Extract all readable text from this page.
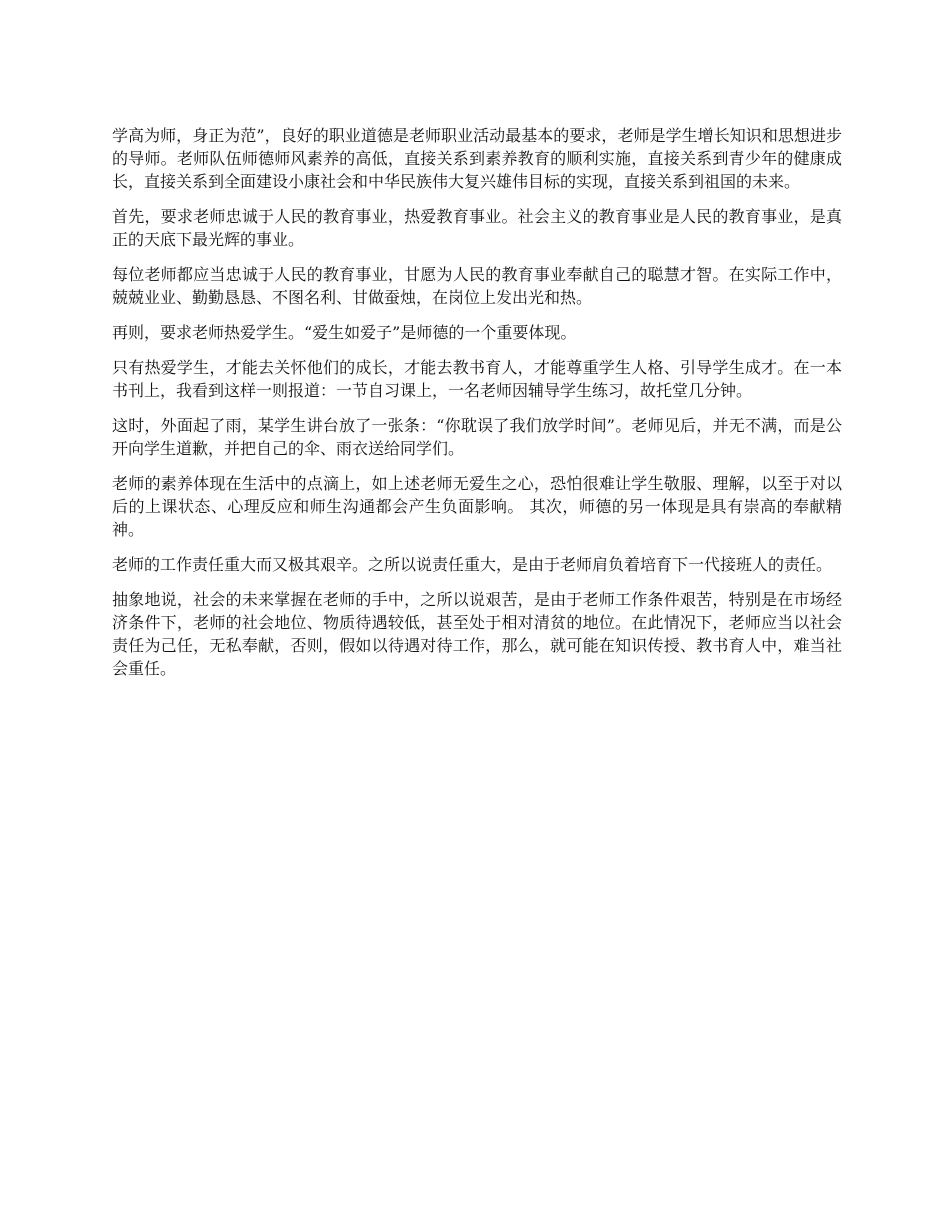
学高为师，身正为范”，良好的职业道德是老师职业活动最基本的要求，老师是学生增长知识和思想进步的导师。老师队伍师德师风素养的高低，直接关系到素养教育的顺利实施，直接关系到青少年的健康成长，直接关系到全面建设小康社会和中华民族伟大复兴雄伟目标的实现，直接关系到祖国的未来。

首先，要求老师忠诚于人民的教育事业，热爱教育事业。社会主义的教育事业是人民的教育事业，是真正的天底下最光辉的事业。

每位老师都应当忠诚于人民的教育事业，甘愿为人民的教育事业奉献自己的聪慧才智。在实际工作中，兢兢业业、勤勤恳恳、不图名利、甘做蚕烛，在岗位上发出光和热。

再则，要求老师热爱学生。“爱生如爱子”是师德的一个重要体现。

只有热爱学生，才能去关怀他们的成长，才能去教书育人，才能尊重学生人格、引导学生成才。在一本书刊上，我看到这样一则报道：一节自习课上，一名老师因辅导学生练习，故托堂几分钟。

这时，外面起了雨，某学生讲台放了一张条：“你耽误了我们放学时间”。老师见后，并无不满，而是公开向学生道歉，并把自己的伞、雨衣送给同学们。

老师的素养体现在生活中的点滴上，如上述老师无爱生之心，恐怕很难让学生敬服、理解，以至于对以后的上课状态、心理反应和师生沟通都会产生负面影响。 其次，师德的另一体现是具有崇高的奉献精神。

老师的工作责任重大而又极其艰辛。之所以说责任重大，是由于老师肩负着培育下一代接班人的责任。

抽象地说，社会的未来掌握在老师的手中，之所以说艰苦，是由于老师工作条件艰苦，特别是在市场经济条件下，老师的社会地位、物质待遇较低，甚至处于相对清贫的地位。在此情况下，老师应当以社会责任为己任，无私奉献，否则，假如以待遇对待工作，那么，就可能在知识传授、教书育人中，难当社会重任。
